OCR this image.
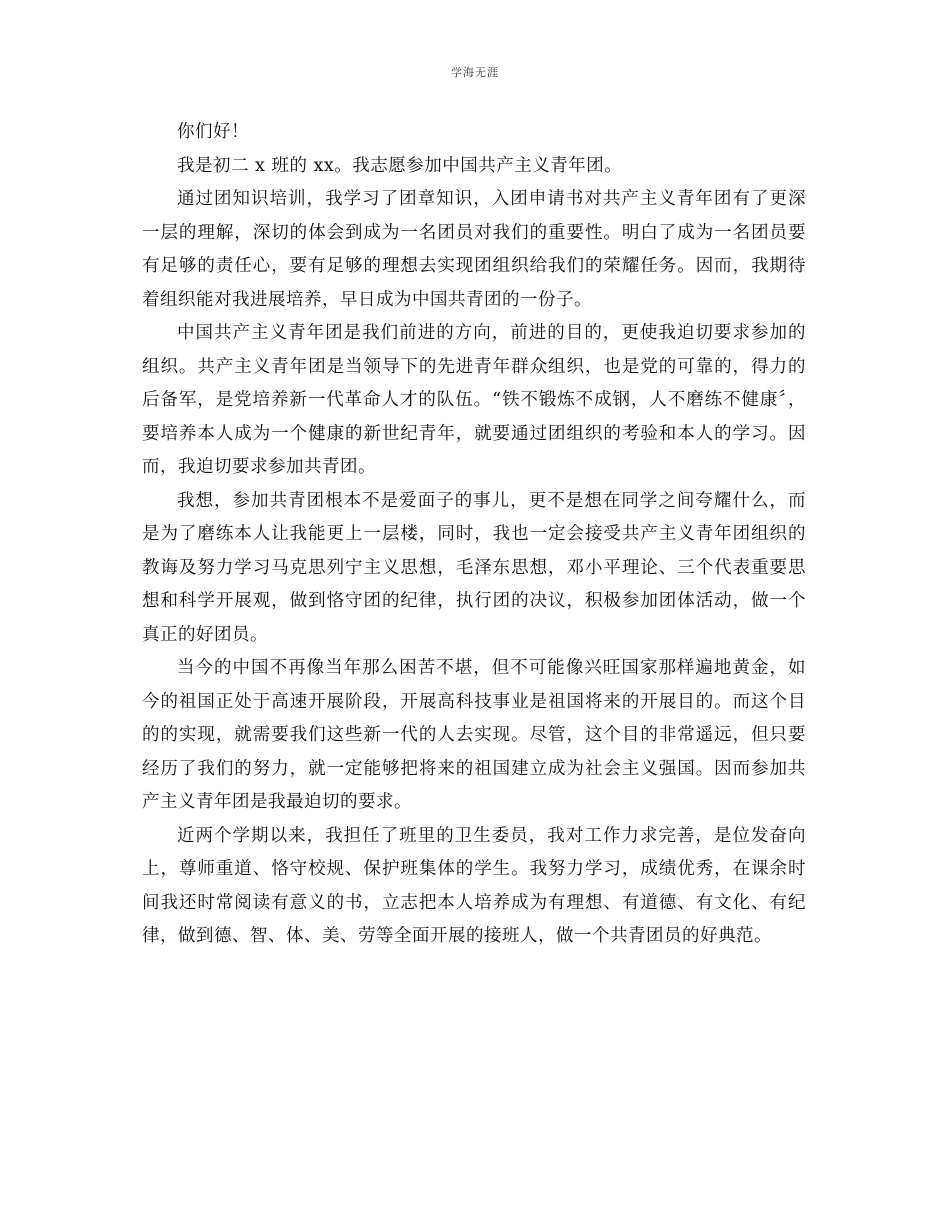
学海无涯

你们好！

我是初二 x 班的 xx。我志愿参加中国共产主义青年团。

通过团知识培训，我学习了团章知识，入团申请书对共产主义青年团有了更深一层的理解，深切的体会到成为一名团员对我们的重要性。明白了成为一名团员要有足够的责任心，要有足够的理想去实现团组织给我们的荣耀任务。因而，我期待着组织能对我进展培养，早日成为中国共青团的一份子。

中国共产主义青年团是我们前进的方向，前进的目的，更使我迫切要求参加的组织。共产主义青年团是当领导下的先进青年群众组织，也是党的可靠的，得力的后备军，是党培养新一代革命人才的队伍。“铁不锻炼不成钢，人不磨练不健康〞，要培养本人成为一个健康的新世纪青年，就要通过团组织的考验和本人的学习。因而，我迫切要求参加共青团。

我想，参加共青团根本不是爱面子的事儿，更不是想在同学之间夸耀什么，而是为了磨练本人让我能更上一层楼，同时，我也一定会接受共产主义青年团组织的教诲及努力学习马克思列宁主义思想，毛泽东思想，邓小平理论、三个代表重要思想和科学开展观，做到恪守团的纪律，执行团的决议，积极参加团体活动，做一个真正的好团员。

当今的中国不再像当年那么困苦不堪，但不可能像兴旺国家那样遍地黄金，如今的祖国正处于高速开展阶段，开展高科技事业是祖国将来的开展目的。而这个目的的实现，就需要我们这些新一代的人去实现。尽管，这个目的非常遥远，但只要经历了我们的努力，就一定能够把将来的祖国建立成为社会主义强国。因而参加共产主义青年团是我最迫切的要求。

近两个学期以来，我担任了班里的卫生委员，我对工作力求完善，是位发奋向上，尊师重道、恪守校规、保护班集体的学生。我努力学习，成绩优秀，在课余时间我还时常阅读有意义的书，立志把本人培养成为有理想、有道德、有文化、有纪律，做到德、智、体、美、劳等全面开展的接班人，做一个共青团员的好典范。
